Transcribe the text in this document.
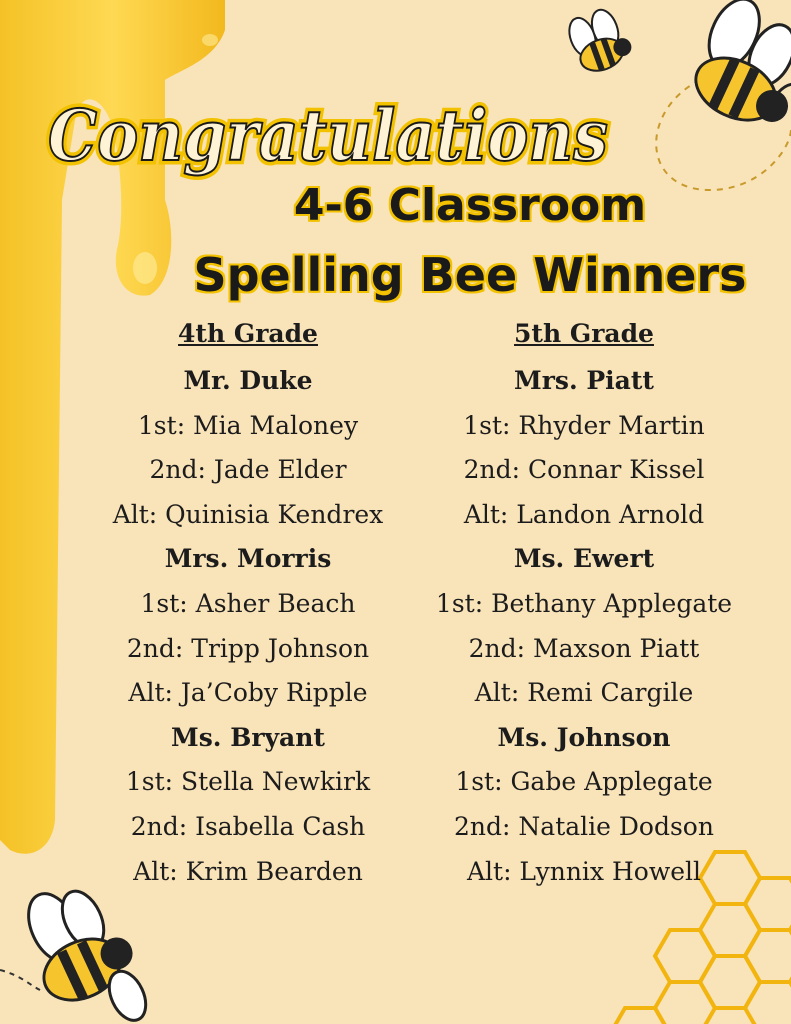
Congratulations
Congratulations
4-6 Classroom
Spelling Bee Winners
4th Grade
Mr. Duke
1st: Mia Maloney
2nd: Jade Elder
Alt: Quinisia Kendrex
Mrs. Morris
1st: Asher Beach
2nd: Tripp Johnson
Alt: Ja’Coby Ripple
Ms. Bryant
1st: Stella Newkirk
2nd: Isabella Cash
Alt: Krim Bearden
5th Grade
Mrs. Piatt
1st: Rhyder Martin
2nd: Connar Kissel
Alt: Landon Arnold
Ms. Ewert
1st: Bethany Applegate
2nd: Maxson Piatt
Alt: Remi Cargile
Ms. Johnson
1st: Gabe Applegate
2nd: Natalie Dodson
Alt: Lynnix Howell
